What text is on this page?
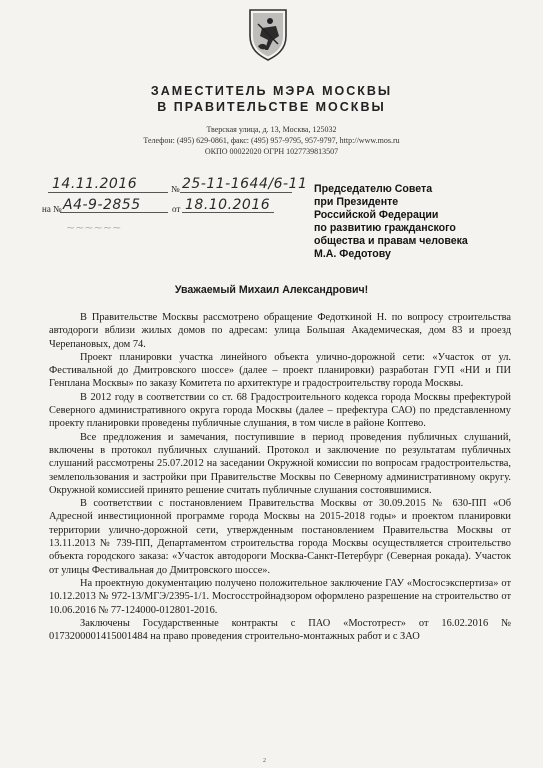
ЗАМЕСТИТЕЛЬ МЭРА МОСКВЫ
В ПРАВИТЕЛЬСТВЕ МОСКВЫ
Тверская улица, д. 13, Москва, 125032
Телефон: (495) 629-0861, факс: (495) 957-9795, 957-9797, http://www.mos.ru
ОКПО 00022020 ОГРН 1027739813507
14.11.2016	№ 25-11-1644/6-11
на № А4-9-2855	от 18.10.2016
~~~~~~
Председателю Совета
при Президенте
Российской Федерации
по развитию гражданского
общества и правам человека
М.А. Федотову
Уважаемый Михаил Александрович!

В Правительстве Москвы рассмотрено обращение Федоткиной Н. по вопросу строительства автодороги вблизи жилых домов по адресам: улица Большая Академическая, дом 83 и проезд Черепановых, дом 74.

Проект планировки участка линейного объекта улично-дорожной сети: «Участок от ул. Фестивальной до Дмитровского шоссе» (далее – проект планировки) разработан ГУП «НИ и ПИ Генплана Москвы» по заказу Комитета по архитектуре и градостроительству города Москвы.

В 2012 году в соответствии со ст. 68 Градостроительного кодекса города Москвы префектурой Северного административного округа города Москвы (далее – префектура САО) по представленному проекту планировки проведены публичные слушания, в том числе в районе Коптево.

Все предложения и замечания, поступившие в период проведения публичных слушаний, включены в протокол публичных слушаний. Протокол и заключение по результатам публичных слушаний рассмотрены 25.07.2012 на заседании Окружной комиссии по вопросам градостроительства, землепользования и застройки при Правительстве Москвы по Северному административному округу. Окружной комиссией принято решение считать публичные слушания состоявшимися.

В соответствии с постановлением Правительства Москвы от 30.09.2015 № 630-ПП «Об Адресной инвестиционной программе города Москвы на 2015-2018 годы» и проектом планировки территории улично-дорожной сети, утвержденным постановлением Правительства Москвы от 13.11.2013 № 739-ПП, Департаментом строительства города Москвы осуществляется строительство объекта городского заказа: «Участок автодороги Москва-Санкт-Петербург (Северная рокада). Участок от улицы Фестивальная до Дмитровского шоссе».

На проектную документацию получено положительное заключение ГАУ «Мосгосэкспертиза» от 10.12.2013 № 972-13/МГЭ/2395-1/1. Мосгосстройнадзором оформлено разрешение на строительство от 10.06.2016 № 77-124000-012801-2016.

Заключены Государственные контракты с ПАО «Мостотрест» от 16.02.2016 № 0173200001415001484 на право проведения строительно-монтажных работ и с ЗАО

2
